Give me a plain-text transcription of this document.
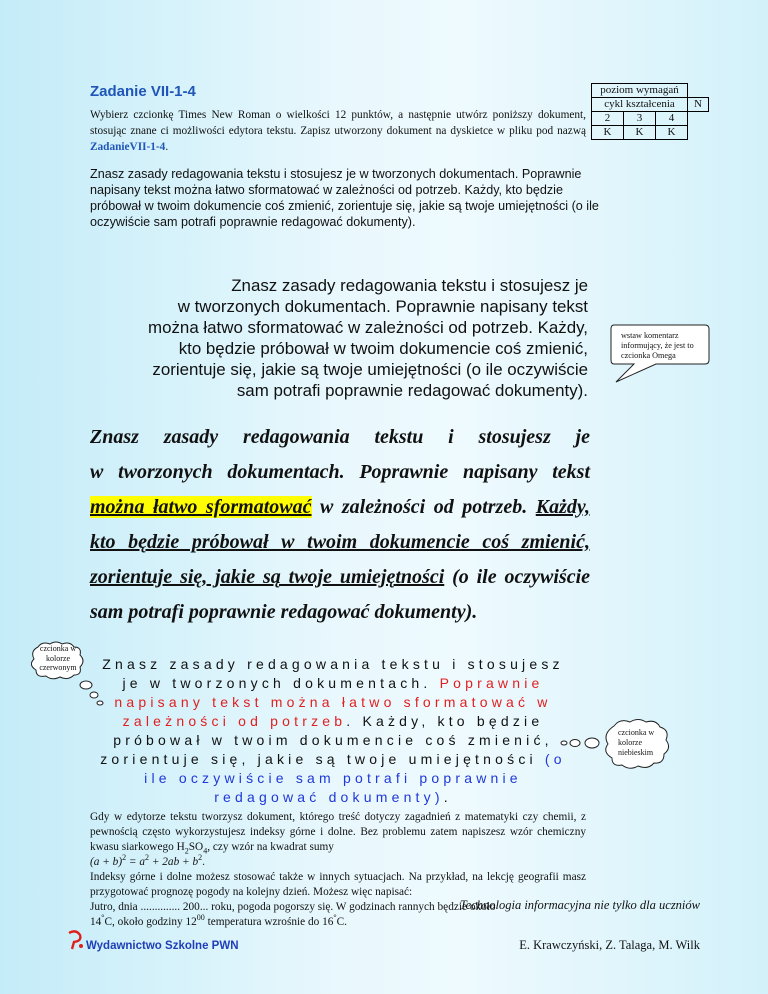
Zadanie VII-1-4
Wybierz czcionkę Times New Roman o wielkości 12 punktów, a następnie utwórz poniższy dokument, stosując znane ci możliwości edytora tekstu. Zapisz utworzony dokument na dyskietce w pliku pod nazwą ZadanieVII-1-4.
poziom wymagań			
cykl kształcenia			N
2	3	4	
K	K	K	
Znasz zasady redagowania tekstu i stosujesz je w tworzonych dokumentach. Poprawnie napisany tekst można łatwo sformatować w zależności od potrzeb. Każdy, kto będzie próbował w twoim dokumencie coś zmienić, zorientuje się, jakie są twoje umiejętności (o ile oczywiście sam potrafi poprawnie redagować dokumenty).
Znasz zasady redagowania tekstu i stosujesz je
w tworzonych dokumentach. Poprawnie napisany tekst
można łatwo sformatować w zależności od potrzeb. Każdy,
kto będzie próbował w twoim dokumencie coś zmienić,
zorientuje się, jakie są twoje umiejętności (o ile oczywiście
sam potrafi poprawnie redagować dokumenty).
wstaw komentarz informujący, że jest to czcionka Omega
Znasz zasady redagowania tekstu i stosujesz je
w tworzonych dokumentach. Poprawnie napisany tekst
można łatwo sformatować w zależności od potrzeb. Każdy,
kto będzie próbował w twoim dokumencie coś zmienić,
zorientuje się, jakie są twoje umiejętności (o ile oczywiście
sam potrafi poprawnie redagować dokumenty).
czcionka w kolorze czerwonym
czcionka w kolorze niebieskim
Znasz zasady redagowania tekstu i stosujesz je w tworzonych dokumentach. Poprawnie napisany tekst można łatwo sformatować w zależności od potrzeb. Każdy, kto będzie próbował w twoim dokumencie coś zmienić, zorientuje się, jakie są twoje umiejętności (o ile oczywiście sam potrafi poprawnie redagować dokumenty).
Gdy w edytorze tekstu tworzysz dokument, którego treść dotyczy zagadnień z matematyki czy chemii, z pewnością często wykorzystujesz indeksy górne i dolne. Bez problemu zatem napiszesz wzór chemiczny kwasu siarkowego $H_2SO_4$, czy wzór na kwadrat sumy
$(a + b)^2 = a^2 + 2ab + b^2$.
Indeksy górne i dolne możesz stosować także w innych sytuacjach. Na przykład, na lekcję geografii masz przygotować prognozę pogody na kolejny dzień. Możesz więc napisać:
Jutro, dnia .............. 200... roku, pogoda pogorszy się. W godzinach rannych będzie około
14°C, około godziny $12^{00}$ temperatura wzrośnie do 16°C.
Technologia informacyjna nie tylko dla uczniów
E. Krawczyński, Z. Talaga, M. Wilk
Wydawnictwo Szkolne PWN
